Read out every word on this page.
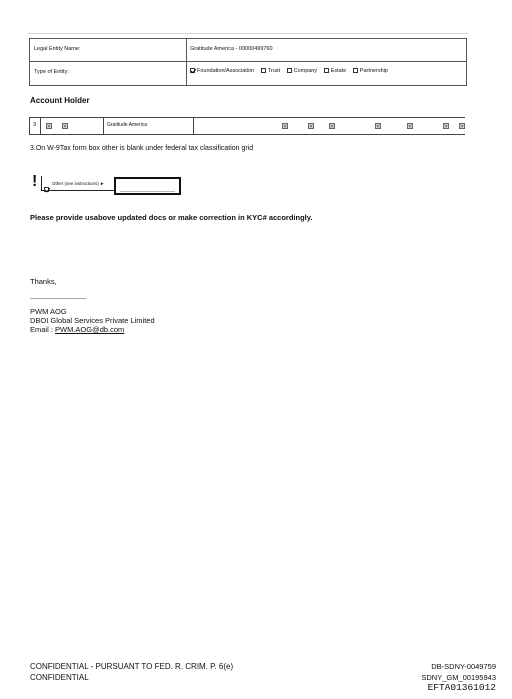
Legal Entity Name:	Gratitude America - 00000499760
Type of Entity:	Foundation/Association Trust Company Estate Partnership
Account Holder
3	Gratitude America
3.On W-9Tax form box other is blank under federal tax classification grid
!	Other (see instructions) ►
Please provide usabove updated docs or make correction in KYC# accordingly.
Thanks,
-----------------------------------------
PWM AOG
DBOI Global Services Private Limited
Email : PWM.AOG@db.com
CONFIDENTIAL - PURSUANT TO FED. R. CRIM. P. 6(e)
CONFIDENTIAL
DB-SDNY-0049759
SDNY_GM_00195943
EFTA01361012
